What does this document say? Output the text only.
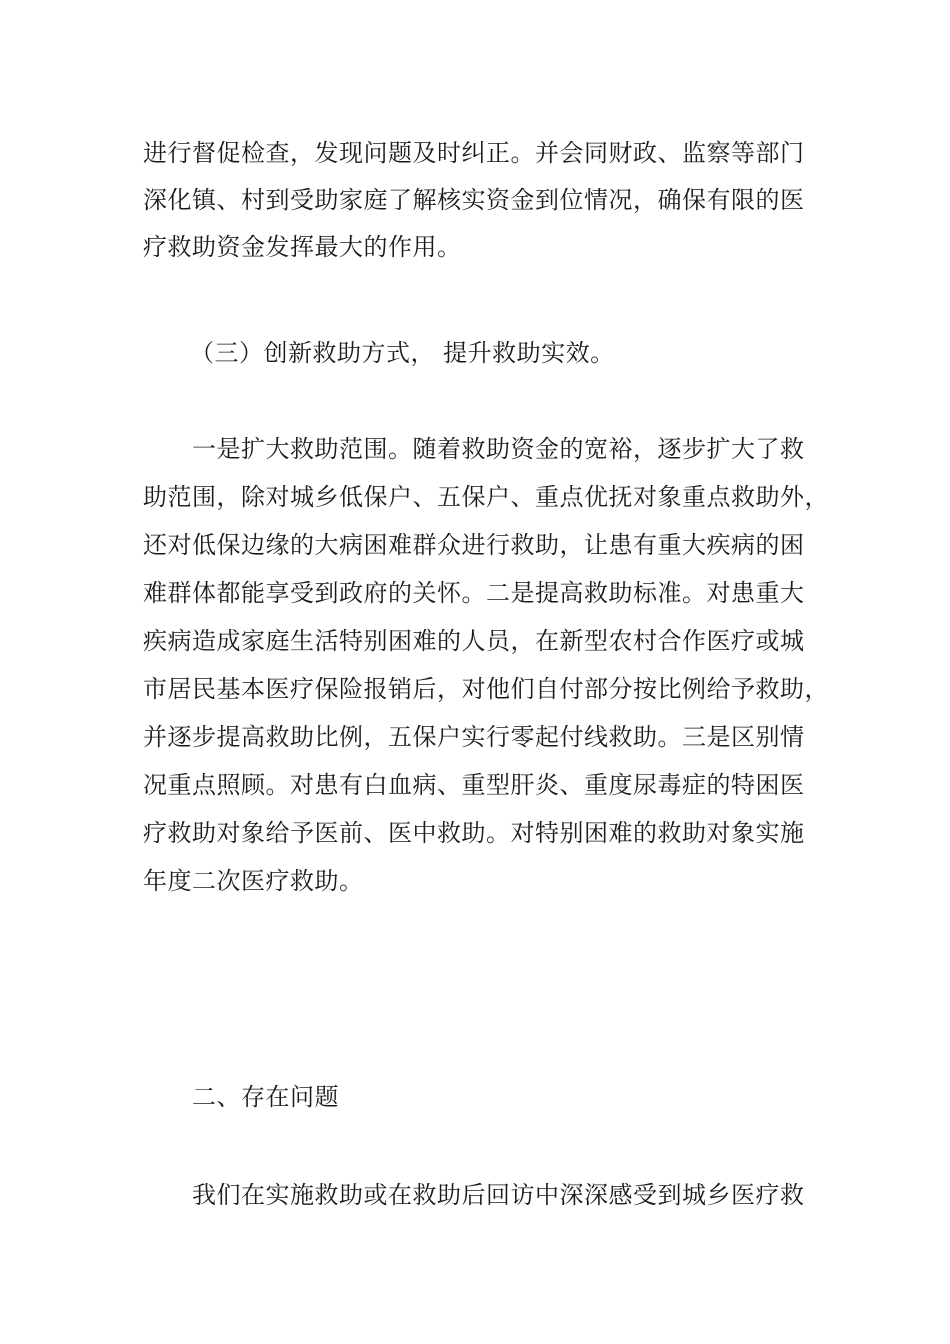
进行督促检查，发现问题及时纠正。并会同财政、监察等部门
深化镇、村到受助家庭了解核实资金到位情况，确保有限的医
疗救助资金发挥最大的作用。
（三）创新救助方式， 提升救助实效。
一是扩大救助范围。随着救助资金的宽裕，逐步扩大了救
助范围，除对城乡低保户、五保户、重点优抚对象重点救助外，
还对低保边缘的大病困难群众进行救助，让患有重大疾病的困
难群体都能享受到政府的关怀。二是提高救助标准。对患重大
疾病造成家庭生活特别困难的人员，在新型农村合作医疗或城
市居民基本医疗保险报销后，对他们自付部分按比例给予救助，
并逐步提高救助比例，五保户实行零起付线救助。三是区别情
况重点照顾。对患有白血病、重型肝炎、重度尿毒症的特困医
疗救助对象给予医前、医中救助。对特别困难的救助对象实施
年度二次医疗救助。
二、存在问题
我们在实施救助或在救助后回访中深深感受到城乡医疗救
